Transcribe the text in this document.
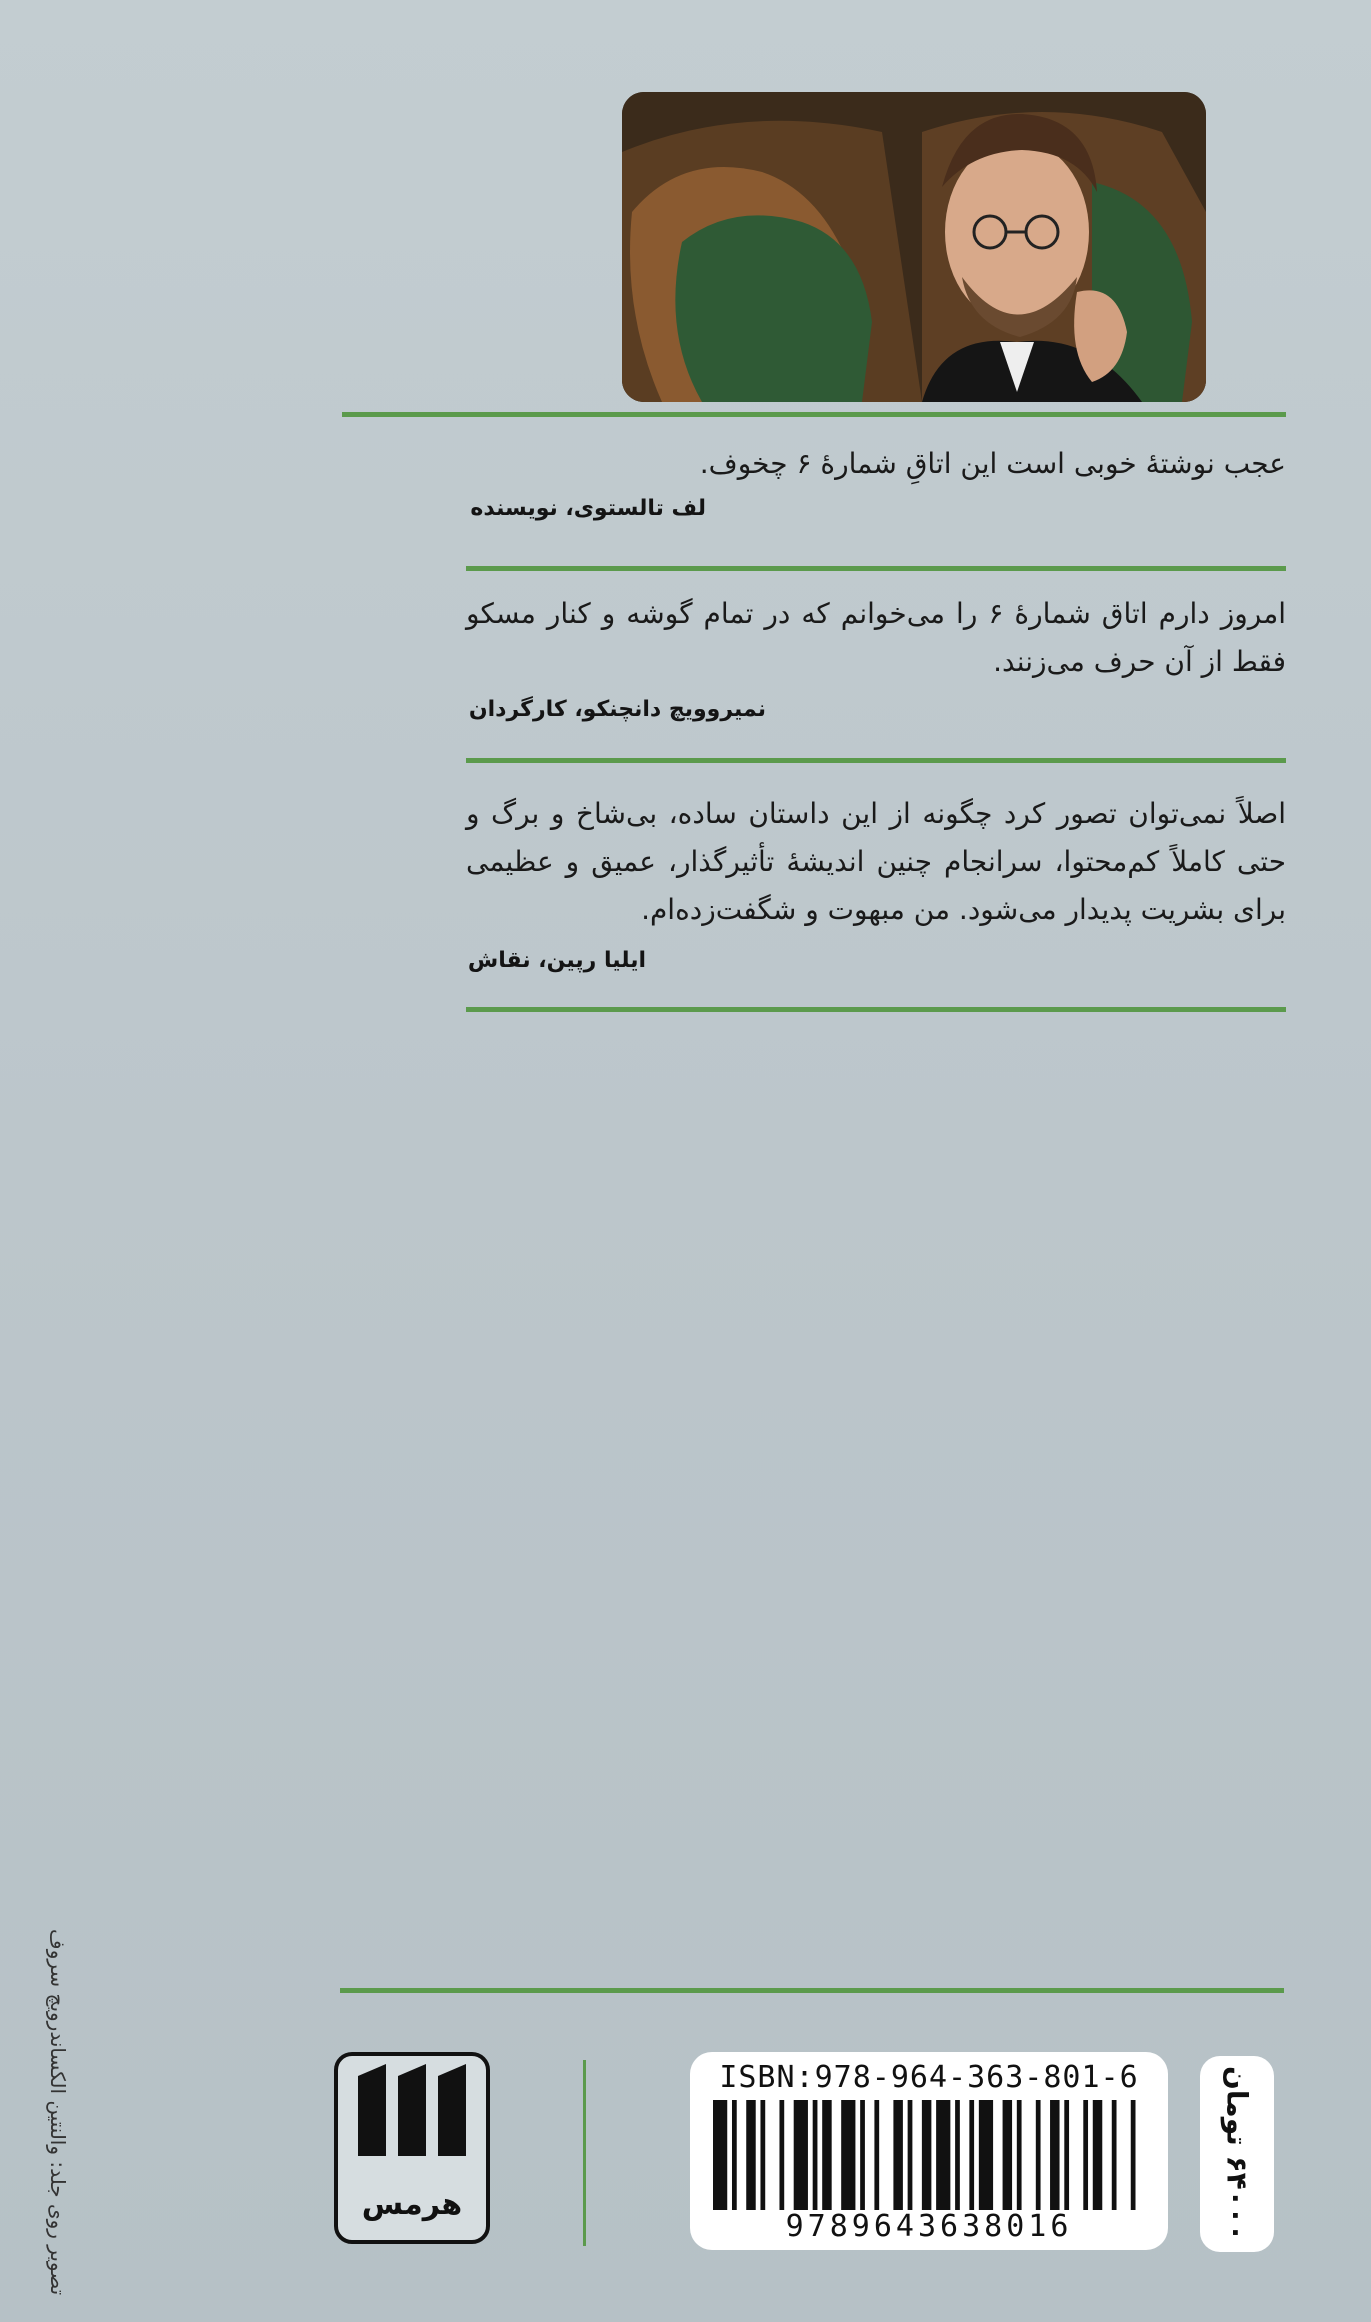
عجب نوشتهٔ خوبی است این اتاقِ شمارهٔ ۶ چخوف.
لف تالستوی، نویسنده
امروز دارم اتاق شمارهٔ ۶ را می‌خوانم که در تمام گوشه و کنار مسکو فقط از آن حرف می‌زنند.
نمیروویچ دانچنکو، کارگردان
اصلاً نمی‌توان تصور کرد چگونه از این داستان ساده، بی‌شاخ و برگ و حتی کاملاً کم‌محتوا، سرانجام چنین اندیشهٔ تأثیرگذار، عمیق و عظیمی برای بشریت پدیدار می‌شود. من مبهوت و شگفت‌زده‌ام.
ایلیا رپین، نقاش
تصویر روی جلد: والنتین الکساندرویچ سروف	هرمس
ISBN:978-964-363-801-6
9789643638016
۶۴۰۰۰ تومان
